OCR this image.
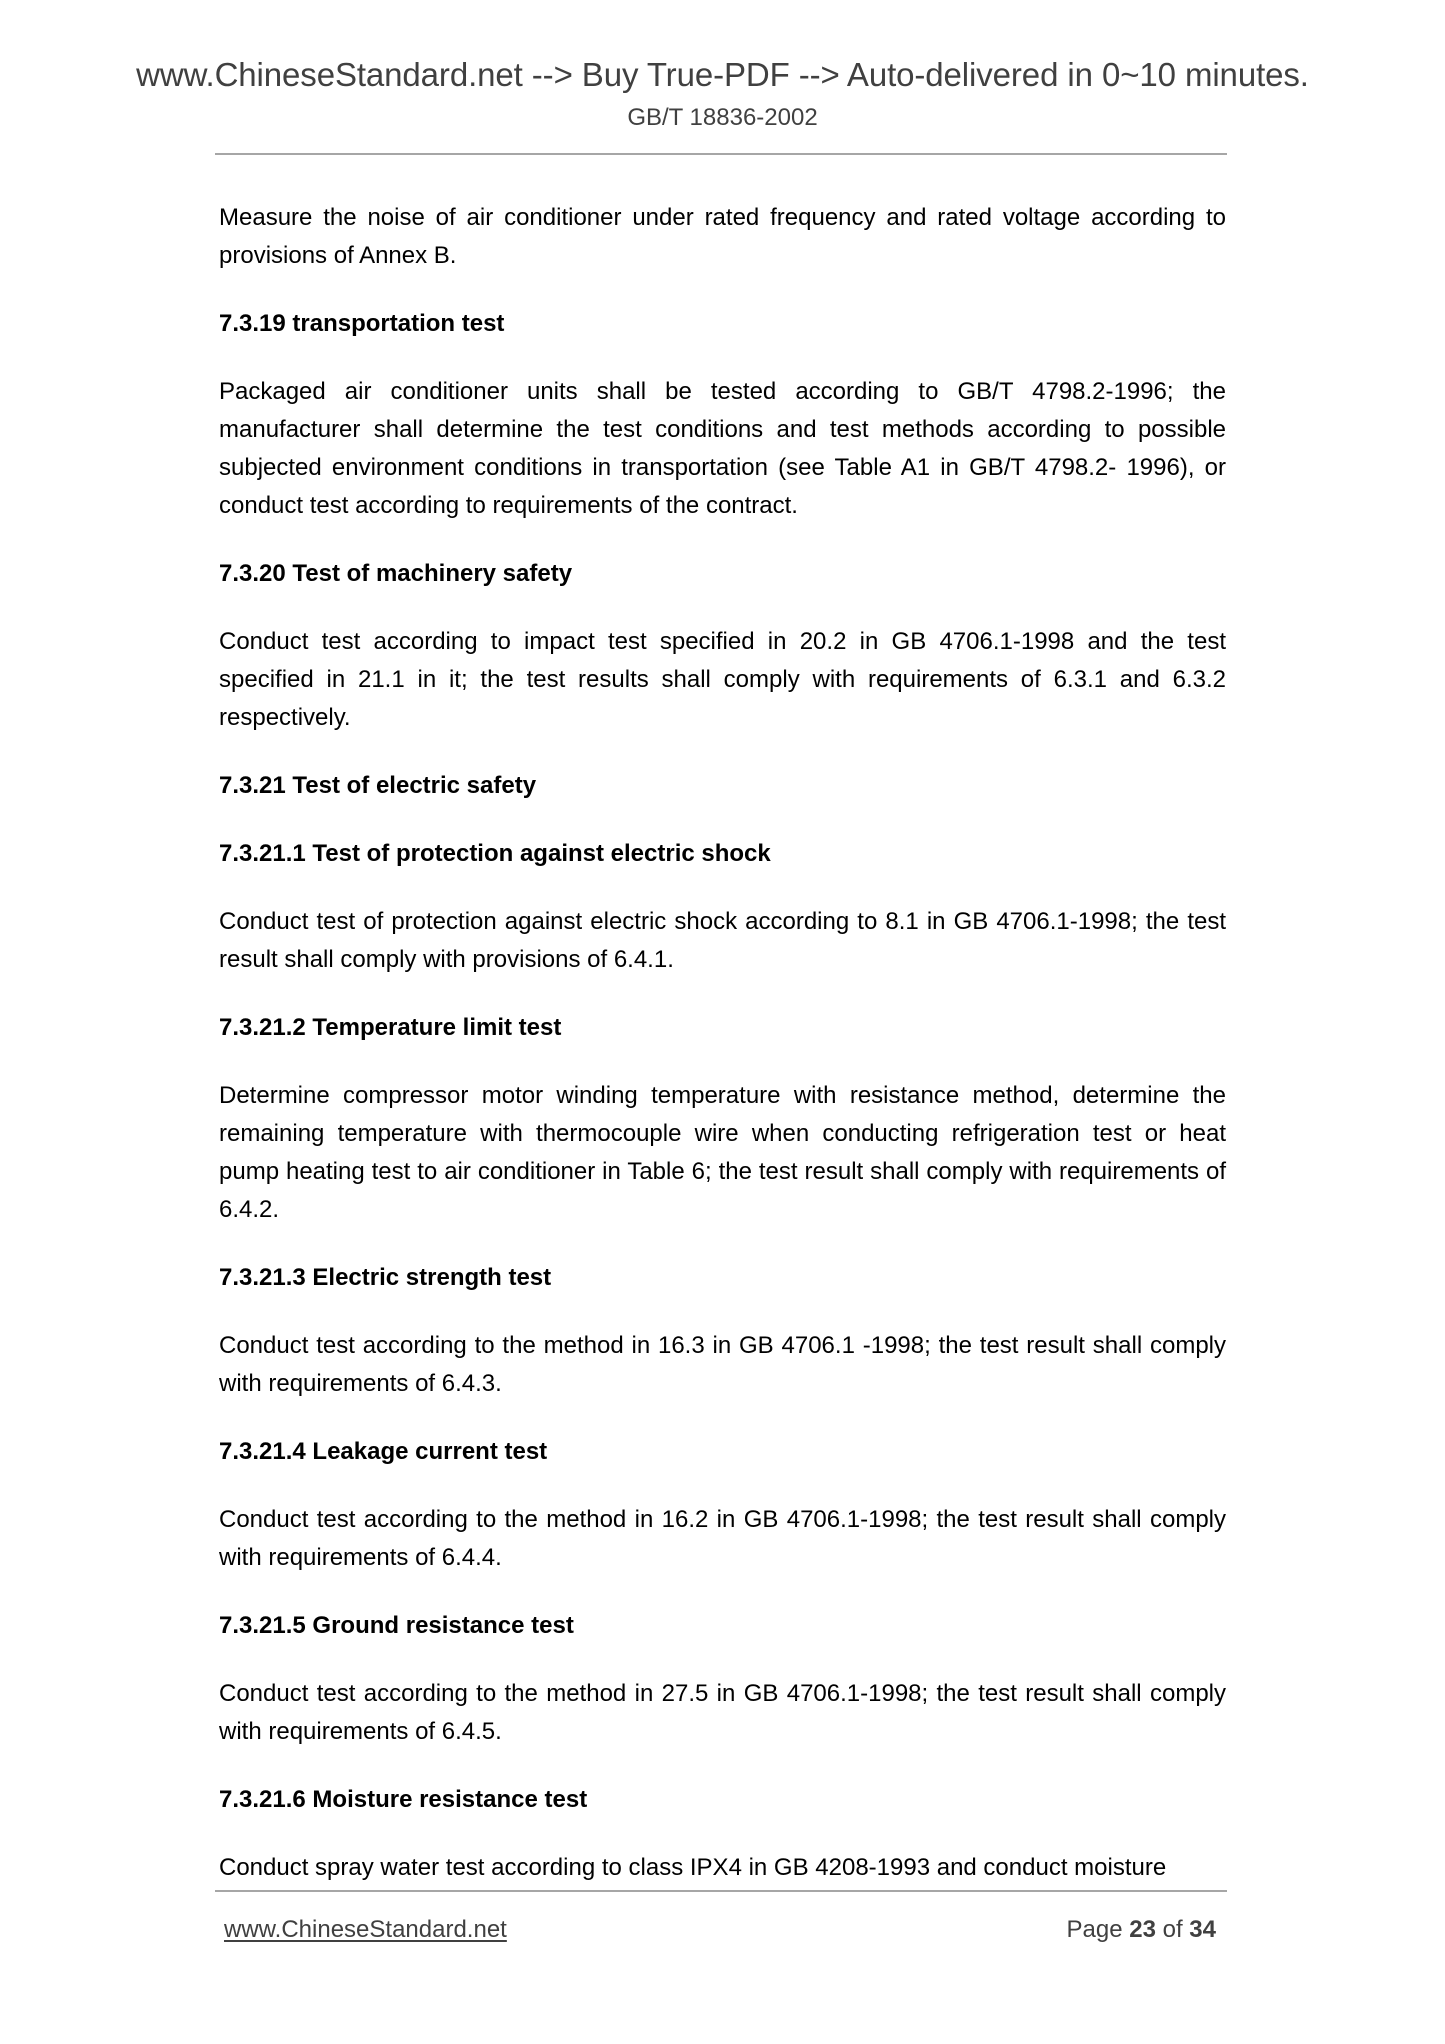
www.ChineseStandard.net --> Buy True-PDF --> Auto-delivered in 0~10 minutes.
GB/T 18836-2002

Measure the noise of air conditioner under rated frequency and rated voltage according to provisions of Annex B.

7.3.19 transportation test

Packaged air conditioner units shall be tested according to GB/T 4798.2-1996; the manufacturer shall determine the test conditions and test methods according to possible subjected environment conditions in transportation (see Table A1 in GB/T 4798.2- 1996), or conduct test according to requirements of the contract.

7.3.20 Test of machinery safety

Conduct test according to impact test specified in 20.2 in GB 4706.1-1998 and the test specified in 21.1 in it; the test results shall comply with requirements of 6.3.1 and 6.3.2 respectively.

7.3.21 Test of electric safety
7.3.21.1 Test of protection against electric shock

Conduct test of protection against electric shock according to 8.1 in GB 4706.1-1998; the test result shall comply with provisions of 6.4.1.

7.3.21.2 Temperature limit test

Determine compressor motor winding temperature with resistance method, determine the remaining temperature with thermocouple wire when conducting refrigeration test or heat pump heating test to air conditioner in Table 6; the test result shall comply with requirements of 6.4.2.

7.3.21.3 Electric strength test

Conduct test according to the method in 16.3 in GB 4706.1 -1998; the test result shall comply with requirements of 6.4.3.

7.3.21.4 Leakage current test

Conduct test according to the method in 16.2 in GB 4706.1-1998; the test result shall comply with requirements of 6.4.4.

7.3.21.5 Ground resistance test

Conduct test according to the method in 27.5 in GB 4706.1-1998; the test result shall comply with requirements of 6.4.5.

7.3.21.6 Moisture resistance test

Conduct spray water test according to class IPX4 in GB 4208-1993 and conduct moisture

www.ChineseStandard.net	Page 23 of 34
